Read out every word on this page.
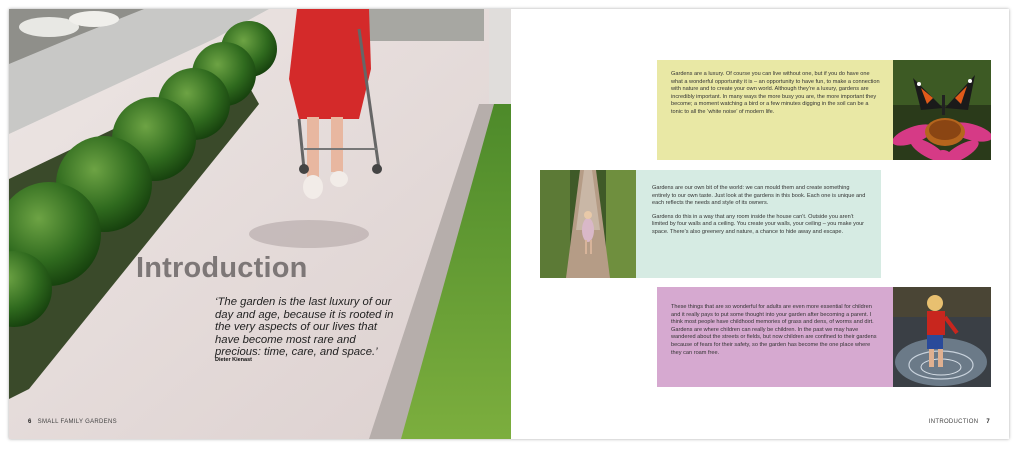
Introduction

‘The garden is the last luxury of our day and age, because it is rooted in the very aspects of our lives that have become most rare and precious: time, care, and space.’

Dieter Kienast
6 SMALL FAMILY GARDENS

Gardens are a luxury. Of course you can live without one, but if you do have one what a wonderful opportunity it is – an opportunity to have fun, to make a connection with nature and to create your own world. Although they’re a luxury, gardens are incredibly important. In many ways the more busy you are, the more important they become; a moment watching a bird or a few minutes digging in the soil can be a tonic to all the ‘white noise’ of modern life.

Gardens are our own bit of the world: we can mould them and create something entirely to our own taste. Just look at the gardens in this book. Each one is unique and each reflects the needs and style of its owners.

Gardens do this in a way that any room inside the house can’t. Outside you aren’t limited by four walls and a ceiling. You create your walls, your ceiling – you make your space. There’s also greenery and nature, a chance to hide away and escape.

These things that are so wonderful for adults are even more essential for children and it really pays to put some thought into your garden after becoming a parent. I think most people have childhood memories of grass and dens, of worms and dirt. Gardens are where children can really be children. In the past we may have wandered about the streets or fields, but now children are confined to their gardens because of fears for their safety, so the garden has become the one place where they can roam free.

INTRODUCTION 7
